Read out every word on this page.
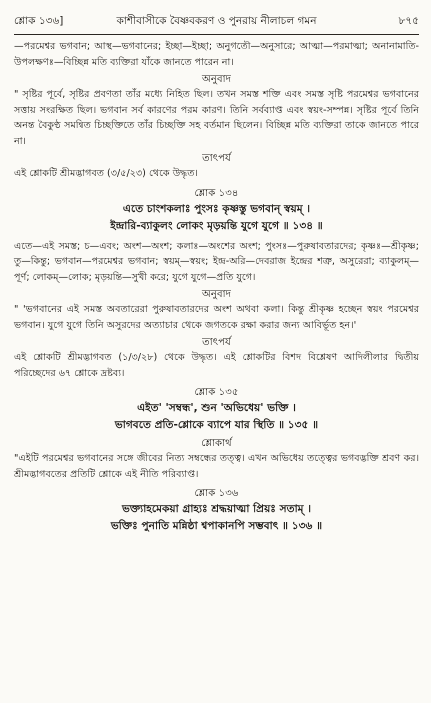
শ্লোক ১৩৬]	কাশীবাসীকে বৈষ্ণবকরণ ও পুনরায় নীলাচল গমন	৮৭৫

—পরমেশ্বর ভগবান; আস্থ—ভগবানের; ইচ্ছা—ইচ্ছা; অনুগতৌ—অনুসারে; আত্মা—পরমাত্মা; অনানামাতি-উপলক্ষণঃ—বিচ্ছিন্ন মতি ব্যক্তিরা যাঁকে জানতে পারেন না।

অনুবাদ

" সৃষ্টির পূর্বে, সৃষ্টির প্রবণতা তাঁর মধ্যে নিহিত ছিল। তখন সমস্ত শক্তি এবং সমস্ত সৃষ্টি পরমেশ্বর ভগবানের সত্তায় সংরক্ষিত ছিল। ভগবান সর্ব কারণের পরম কারণ। তিনি সর্বব্যাপ্ত এবং স্বয়ং-সম্পন্ন। সৃষ্টির পূর্বে তিনি অনন্ত বৈকুণ্ঠ সমন্বিত চিচ্ছক্তিতে তাঁর চিচ্ছক্তি সহ বর্তমান ছিলেন। বিচ্ছিন্ন মতি ব্যক্তিরা তাকে জানতে পারে না।

তাৎপর্য

এই শ্লোকটি শ্রীমদ্ভাগবত (৩/৫/২৩) থেকে উদ্ধৃত।

শ্লোক ১৩৪

এতে চাংশকলাঃ পুংসঃ কৃষ্ণস্তু ভগবান্ স্বয়ম্ ।

ইন্দ্রারি-ব্যাকুলং লোকং মৃড়য়ন্তি যুগে যুগে ॥ ১৩৪ ॥

এতে—এই সমস্ত; চ—এবং; অংশ—অংশ; কলাঃ—অংশের অংশ; পুংসঃ—পুরুষাবতারদের; কৃষ্ণঃ—শ্রীকৃষ্ণ; তু—কিন্তু; ভগবান—পরমেশ্বর ভগবান; স্বয়ম্—স্বয়ং; ইন্দ্র-অরি—দেবরাজ ইন্দ্রের শত্রু, অসুরেরা; ব্যাকুলম্—পূর্ণ; লোকম্—লোক; মৃড়য়ন্তি—সুখী করে; যুগে যুগে—প্রতি যুগে।

অনুবাদ

" 'ভগবানের এই সমস্ত অবতারেরা পুরুষাবতারদের অংশ অথবা কলা। কিন্তু শ্রীকৃষ্ণ হচ্ছেন স্বয়ং পরমেশ্বর ভগবান। যুগে যুগে তিনি অসুরদের অত্যাচার থেকে জগতকে রক্ষা করার জন্য আবির্ভূত হন।'

তাৎপর্য

এই শ্লোকটি শ্রীমদ্ভাগবত (১/৩/২৮) থেকে উদ্ধৃত। এই শ্লোকটির বিশদ বিশ্লেষণ আদিলীলার দ্বিতীয় পরিচ্ছেদের ৬৭ শ্লোকে দ্রষ্টব্য।

শ্লোক ১৩৫

এইত' 'সম্বন্ধ', শুন 'অভিধেয়' ভক্তি ।

ভাগবতে প্রতি-শ্লোকে ব্যাপে যার স্থিতি ॥ ১৩৫ ॥

শ্লোকার্থ

"এইটি পরমেশ্বর ভগবানের সঙ্গে জীবের নিত্য সম্বন্ধের তত্ত্ব। এখন অভিধেয় তত্ত্বের ভগবদ্ভক্তি শ্রবণ কর। শ্রীমদ্ভাগবতের প্রতিটি শ্লোকে এই নীতি পরিব্যাপ্ত।

শ্লোক ১৩৬

ভক্ত্যাহমেকয়া গ্রাহ্যঃ শ্রদ্ধয়াত্মা প্রিয়ঃ সতাম্ ।

ভক্তিঃ পুনাতি মন্নিষ্ঠা শ্বপাকানপি সম্ভবাৎ ॥ ১৩৬ ॥
